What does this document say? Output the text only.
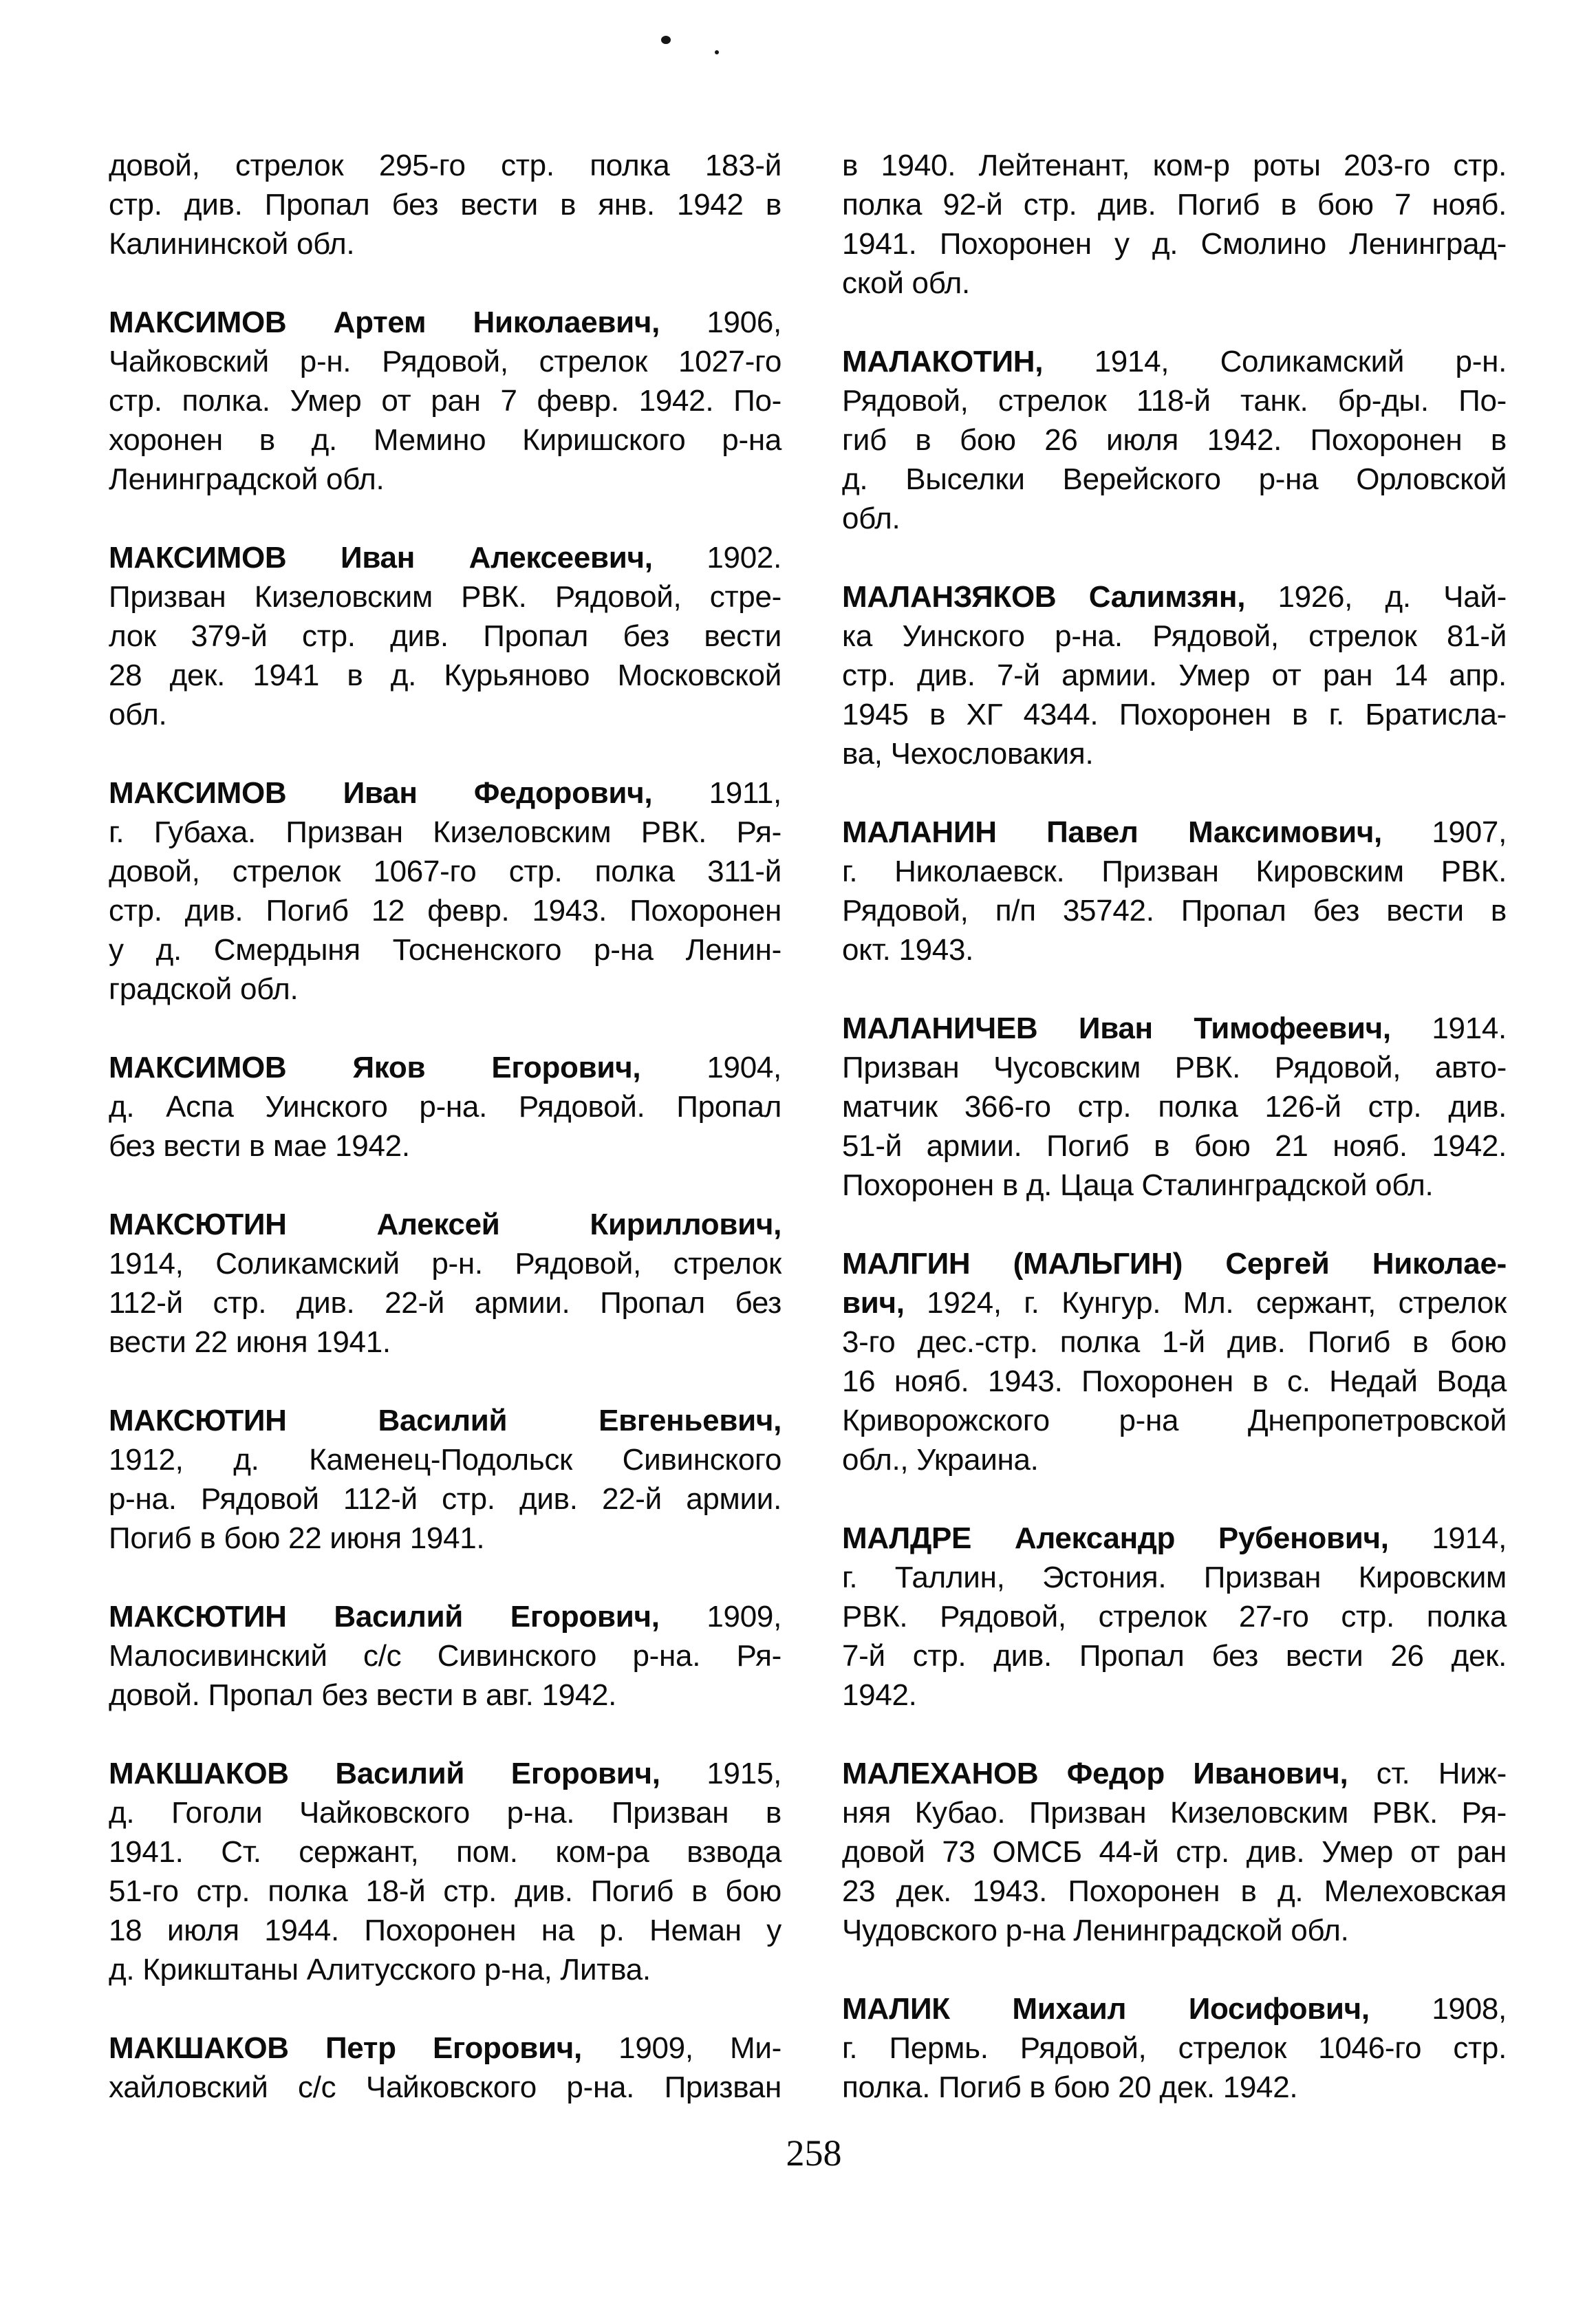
довой, стрелок 295-го стр. полка 183-й
стр. див. Пропал без вести в янв. 1942 в
Калининской обл.
МАКСИМОВ Артем Николаевич, 1906,
Чайковский р-н. Рядовой, стрелок 1027-го
стр. полка. Умер от ран 7 февр. 1942. По-
хоронен в д. Мемино Киришского р-на
Ленинградской обл.
МАКСИМОВ Иван Алексеевич, 1902.
Призван Кизеловским РВК. Рядовой, стре-
лок 379-й стр. див. Пропал без вести
28 дек. 1941 в д. Курьяново Московской
обл.
МАКСИМОВ Иван Федорович, 1911,
г. Губаха. Призван Кизеловским РВК. Ря-
довой, стрелок 1067-го стр. полка 311-й
стр. див. Погиб 12 февр. 1943. Похоронен
у д. Смердыня Тосненского р-на Ленин-
градской обл.
МАКСИМОВ Яков Егорович, 1904,
д. Аспа Уинского р-на. Рядовой. Пропал
без вести в мае 1942.
МАКСЮТИН Алексей Кириллович,
1914, Соликамский р-н. Рядовой, стрелок
112-й стр. див. 22-й армии. Пропал без
вести 22 июня 1941.
МАКСЮТИН Василий Евгеньевич,
1912, д. Каменец-Подольск Сивинского
р-на. Рядовой 112-й стр. див. 22-й армии.
Погиб в бою 22 июня 1941.
МАКСЮТИН Василий Егорович, 1909,
Малосивинский с/с Сивинского р-на. Ря-
довой. Пропал без вести в авг. 1942.
МАКШАКОВ Василий Егорович, 1915,
д. Гоголи Чайковского р-на. Призван в
1941. Ст. сержант, пом. ком-ра взвода
51-го стр. полка 18-й стр. див. Погиб в бою
18 июля 1944. Похоронен на р. Неман у
д. Крикштаны Алитусского р-на, Литва.
МАКШАКОВ Петр Егорович, 1909, Ми-
хайловский с/с Чайковского р-на. Призван
в 1940. Лейтенант, ком-р роты 203-го стр.
полка 92-й стр. див. Погиб в бою 7 нояб.
1941. Похоронен у д. Смолино Ленинград-
ской обл.
МАЛАКОТИН, 1914, Соликамский р-н.
Рядовой, стрелок 118-й танк. бр-ды. По-
гиб в бою 26 июля 1942. Похоронен в
д. Выселки Верейского р-на Орловской
обл.
МАЛАНЗЯКОВ Салимзян, 1926, д. Чай-
ка Уинского р-на. Рядовой, стрелок 81-й
стр. див. 7-й армии. Умер от ран 14 апр.
1945 в ХГ 4344. Похоронен в г. Братисла-
ва, Чехословакия.
МАЛАНИН Павел Максимович, 1907,
г. Николаевск. Призван Кировским РВК.
Рядовой, п/п 35742. Пропал без вести в
окт. 1943.
МАЛАНИЧЕВ Иван Тимофеевич, 1914.
Призван Чусовским РВК. Рядовой, авто-
матчик 366-го стр. полка 126-й стр. див.
51-й армии. Погиб в бою 21 нояб. 1942.
Похоронен в д. Цаца Сталинградской обл.
МАЛГИН (МАЛЬГИН) Сергей Николае-
вич, 1924, г. Кунгур. Мл. сержант, стрелок
3-го дес.-стр. полка 1-й див. Погиб в бою
16 нояб. 1943. Похоронен в с. Недай Вода
Криворожского р-на Днепропетровской
обл., Украина.
МАЛДРЕ Александр Рубенович, 1914,
г. Таллин, Эстония. Призван Кировским
РВК. Рядовой, стрелок 27-го стр. полка
7-й стр. див. Пропал без вести 26 дек.
1942.
МАЛЕХАНОВ Федор Иванович, ст. Ниж-
няя Кубао. Призван Кизеловским РВК. Ря-
довой 73 ОМСБ 44-й стр. див. Умер от ран
23 дек. 1943. Похоронен в д. Мелеховская
Чудовского р-на Ленинградской обл.
МАЛИК Михаил Иосифович, 1908,
г. Пермь. Рядовой, стрелок 1046-го стр.
полка. Погиб в бою 20 дек. 1942.
258
